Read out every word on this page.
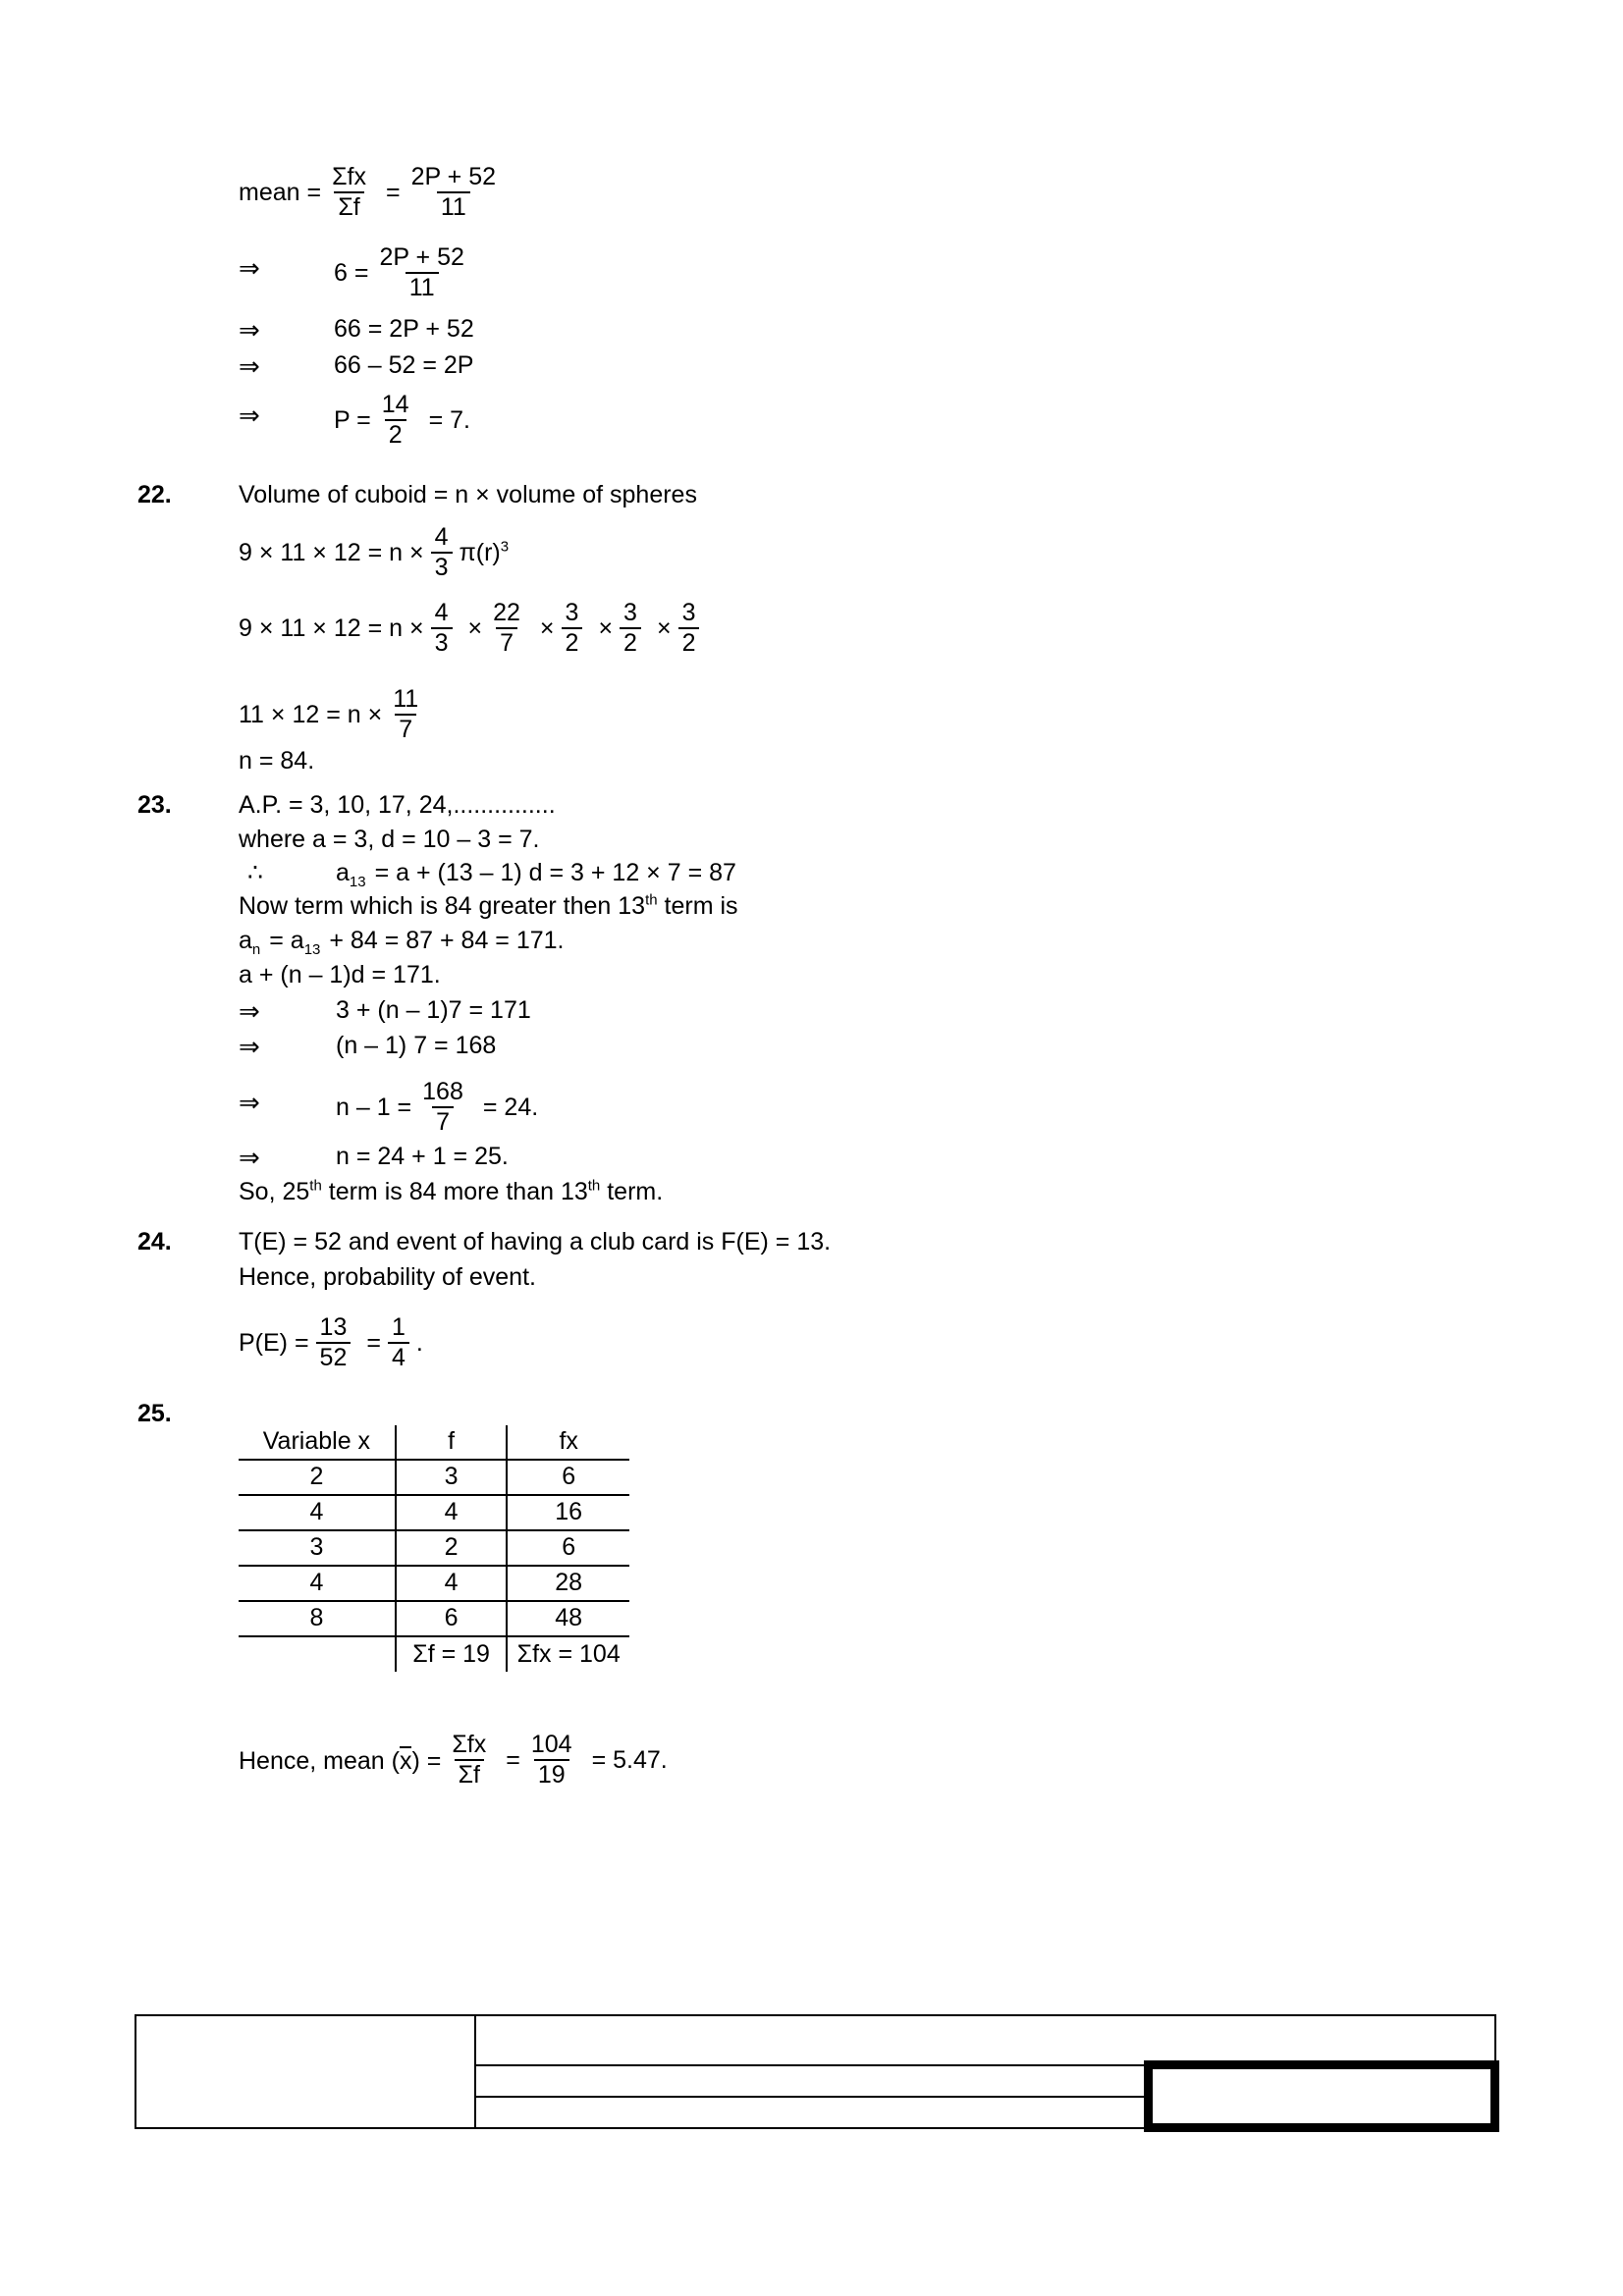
mean = $\frac{\text{Σfx}}{\Sigma f} = \frac{2P + 52}{11}$
⇒	$6 = \frac{2P + 52}{11}$
⇒	66 = 2P + 52
⇒	66 – 52 = 2P
⇒	$P = \frac{14}{2} = 7$.
22.	Volume of cuboid = n × volume of spheres
$9 \times 11 \times 12 = n \times \frac{4}{3} \pi(r)^3$
$9 \times 11 \times 12 = n \times \frac{4}{3} \times \frac{22}{7} \times \frac{3}{2} \times \frac{3}{2} \times \frac{3}{2}$
$11 \times 12 = n \times \frac{11}{7}$
n = 84.
23.	A.P. = 3, 10, 17, 24,...............
where a = 3, d = 10 – 3 = 7.
∴	$a_{13} = a + (13 - 1) d = 3 + 12 \times 7 = 87$
Now term which is 84 greater then 13th term is
$a_n = a_{13} + 84 = 87 + 84 = 171$.
a + (n – 1)d = 171.
⇒	3 + (n – 1)7 = 171
⇒	(n – 1) 7 = 168
⇒	$n - 1 = \frac{168}{7} = 24$.
⇒	n = 24 + 1 = 25.
So, 25th term is 84 more than 13th term.
24.	T(E) = 52 and event of having a club card is F(E) = 13.
Hence, probability of event.
$P(E) = \frac{13}{52} = \frac{1}{4}$ .
25.
Variable x	f	fx
2	3	6
4	4	16
3	2	6
4	4	28
8	6	48
	Σf = 19	Σfx = 104
Hence, mean $(x) = \frac{\text{Σfx}}{\Sigma f} = \frac{104}{19} = 5.47$.
